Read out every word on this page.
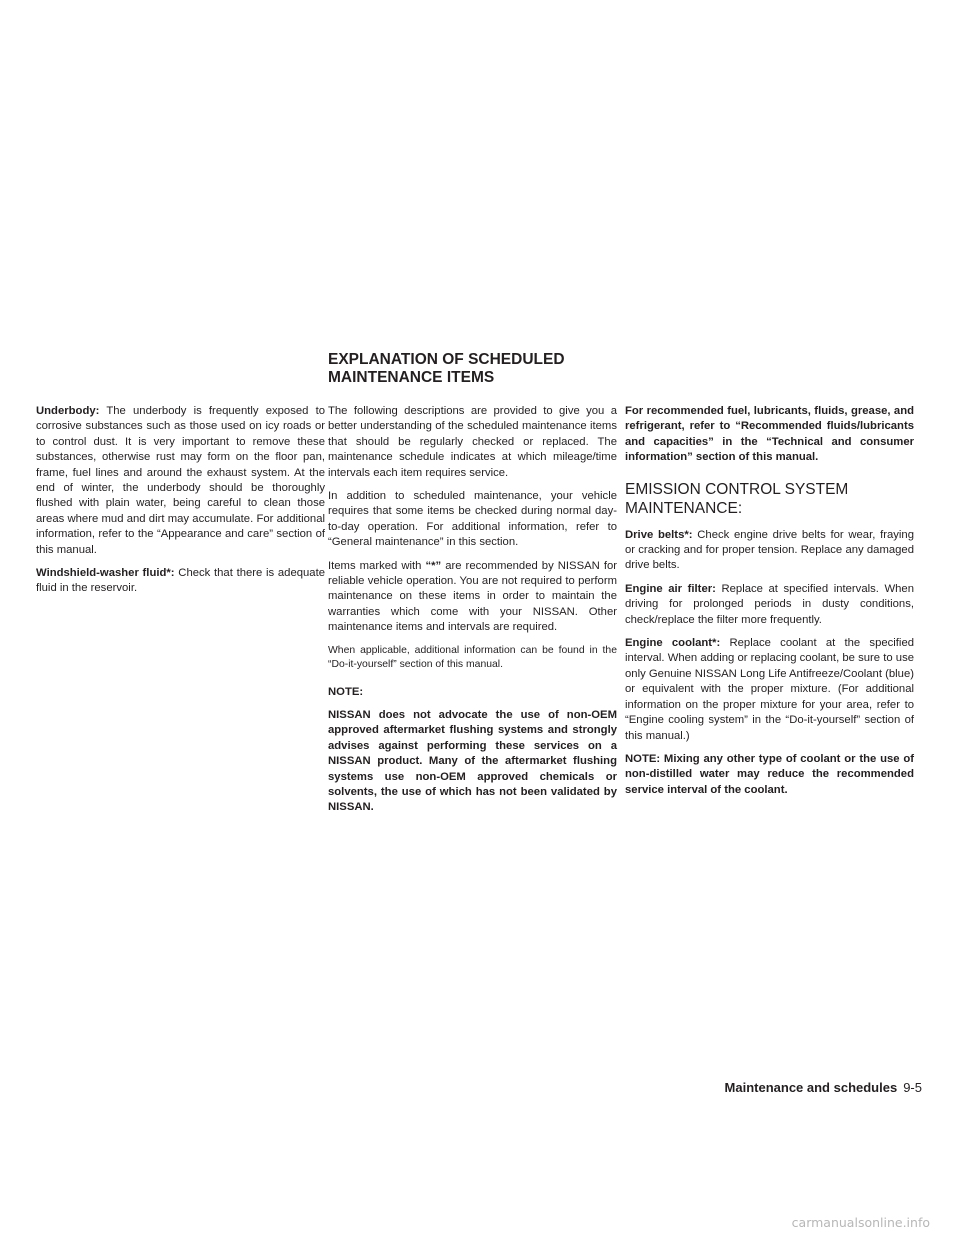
EXPLANATION OF SCHEDULED MAINTENANCE ITEMS

Underbody: The underbody is frequently exposed to corrosive substances such as those used on icy roads or to control dust. It is very important to remove these substances, otherwise rust may form on the floor pan, frame, fuel lines and around the exhaust system. At the end of winter, the underbody should be thoroughly flushed with plain water, being careful to clean those areas where mud and dirt may accumulate. For additional information, refer to the “Appearance and care” section of this manual.

Windshield-washer fluid*: Check that there is adequate fluid in the reservoir.

The following descriptions are provided to give you a better understanding of the scheduled maintenance items that should be regularly checked or replaced. The maintenance schedule indicates at which mileage/time intervals each item requires service.

In addition to scheduled maintenance, your vehicle requires that some items be checked during normal day-to-day operation. For additional information, refer to “General maintenance” in this section.

Items marked with “*” are recommended by NISSAN for reliable vehicle operation. You are not required to perform maintenance on these items in order to maintain the warranties which come with your NISSAN. Other maintenance items and intervals are required.

When applicable, additional information can be found in the “Do-it-yourself” section of this manual.

NOTE:

NISSAN does not advocate the use of non-OEM approved aftermarket flushing systems and strongly advises against performing these services on a NISSAN product. Many of the aftermarket flushing systems use non-OEM approved chemicals or solvents, the use of which has not been validated by NISSAN.

For recommended fuel, lubricants, fluids, grease, and refrigerant, refer to “Recommended fluids/lubricants and capacities” in the “Technical and consumer information” section of this manual.

EMISSION CONTROL SYSTEM MAINTENANCE:

Drive belts*: Check engine drive belts for wear, fraying or cracking and for proper tension. Replace any damaged drive belts.

Engine air filter: Replace at specified intervals. When driving for prolonged periods in dusty conditions, check/replace the filter more frequently.

Engine coolant*: Replace coolant at the specified interval. When adding or replacing coolant, be sure to use only Genuine NISSAN Long Life Antifreeze/Coolant (blue) or equivalent with the proper mixture. (For additional information on the proper mixture for your area, refer to “Engine cooling system” in the “Do-it-yourself” section of this manual.)

NOTE: Mixing any other type of coolant or the use of non-distilled water may reduce the recommended service interval of the coolant.

Maintenance and schedules 9-5
carmanualsonline.info
